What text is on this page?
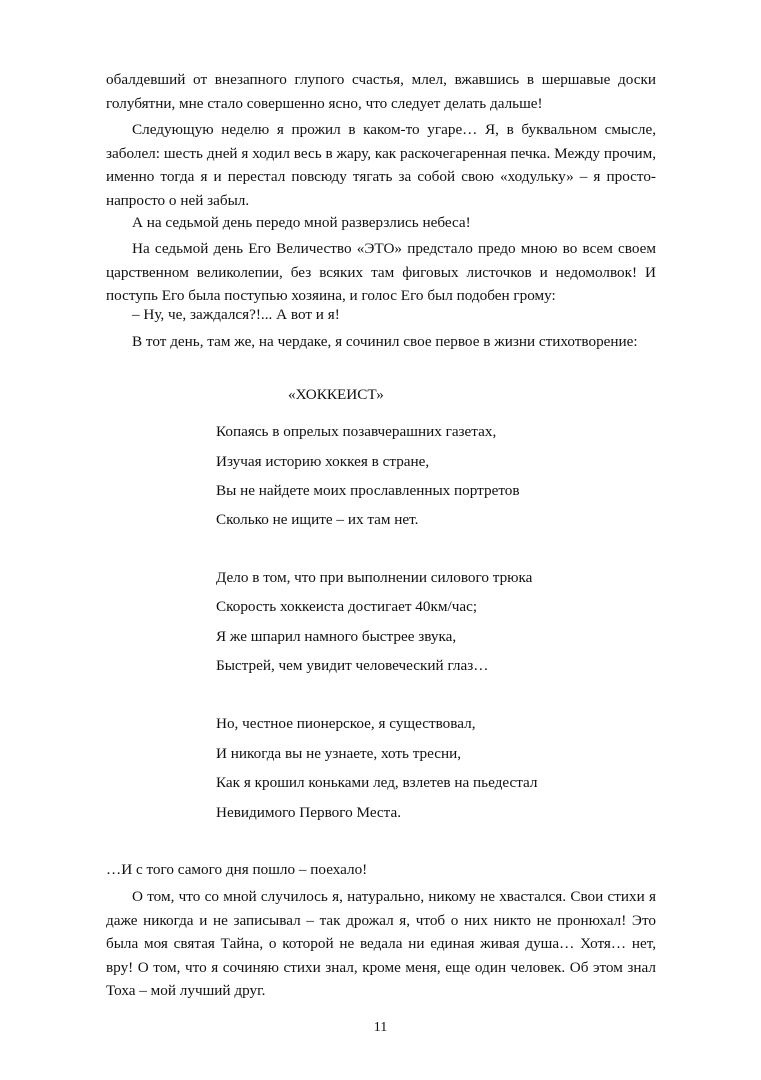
обалдевший от внезапного глупого счастья, млел, вжавшись в шершавые доски голубятни, мне стало совершенно ясно, что следует делать дальше!

Следующую неделю я прожил в каком-то угаре… Я, в буквальном смысле, заболел: шесть дней я ходил весь в жару, как раскочегаренная печка. Между прочим, именно тогда я и перестал повсюду тягать за собой свою «ходульку» – я просто-напросто о ней забыл.

А на седьмой день передо мной разверзлись небеса!

На седьмой день Его Величество «ЭТО» предстало предо мною во всем своем царственном великолепии, без всяких там фиговых листочков и недомолвок! И поступь Его была поступью хозяина, и голос Его был подобен грому:

– Ну, че, заждался?!... А вот и я!

В тот день, там же, на чердаке, я сочинил свое первое в жизни стихотворение:

«ХОККЕИСТ»

Копаясь в опрелых позавчерашних газетах,

Изучая историю хоккея в стране,

Вы не найдете моих прославленных портретов

Сколько не ищите – их там нет.

Дело в том, что при выполнении силового трюка

Скорость хоккеиста достигает 40км/час;

Я же шпарил намного быстрее звука,

Быстрей, чем увидит человеческий глаз…

Но, честное пионерское, я существовал,

И никогда вы не узнаете, хоть тресни,

Как я крошил коньками лед, взлетев на пьедестал

Невидимого Первого Места.

…И с того самого дня пошло – поехало!

О том, что со мной случилось я, натурально, никому не хвастался. Свои стихи я даже никогда и не записывал – так дрожал я, чтоб о них никто не пронюхал! Это была моя святая Тайна, о которой не ведала ни единая живая душа… Хотя… нет, вру! О том, что я сочиняю стихи знал, кроме меня, еще один человек. Об этом знал Тоха – мой лучший друг.

11
